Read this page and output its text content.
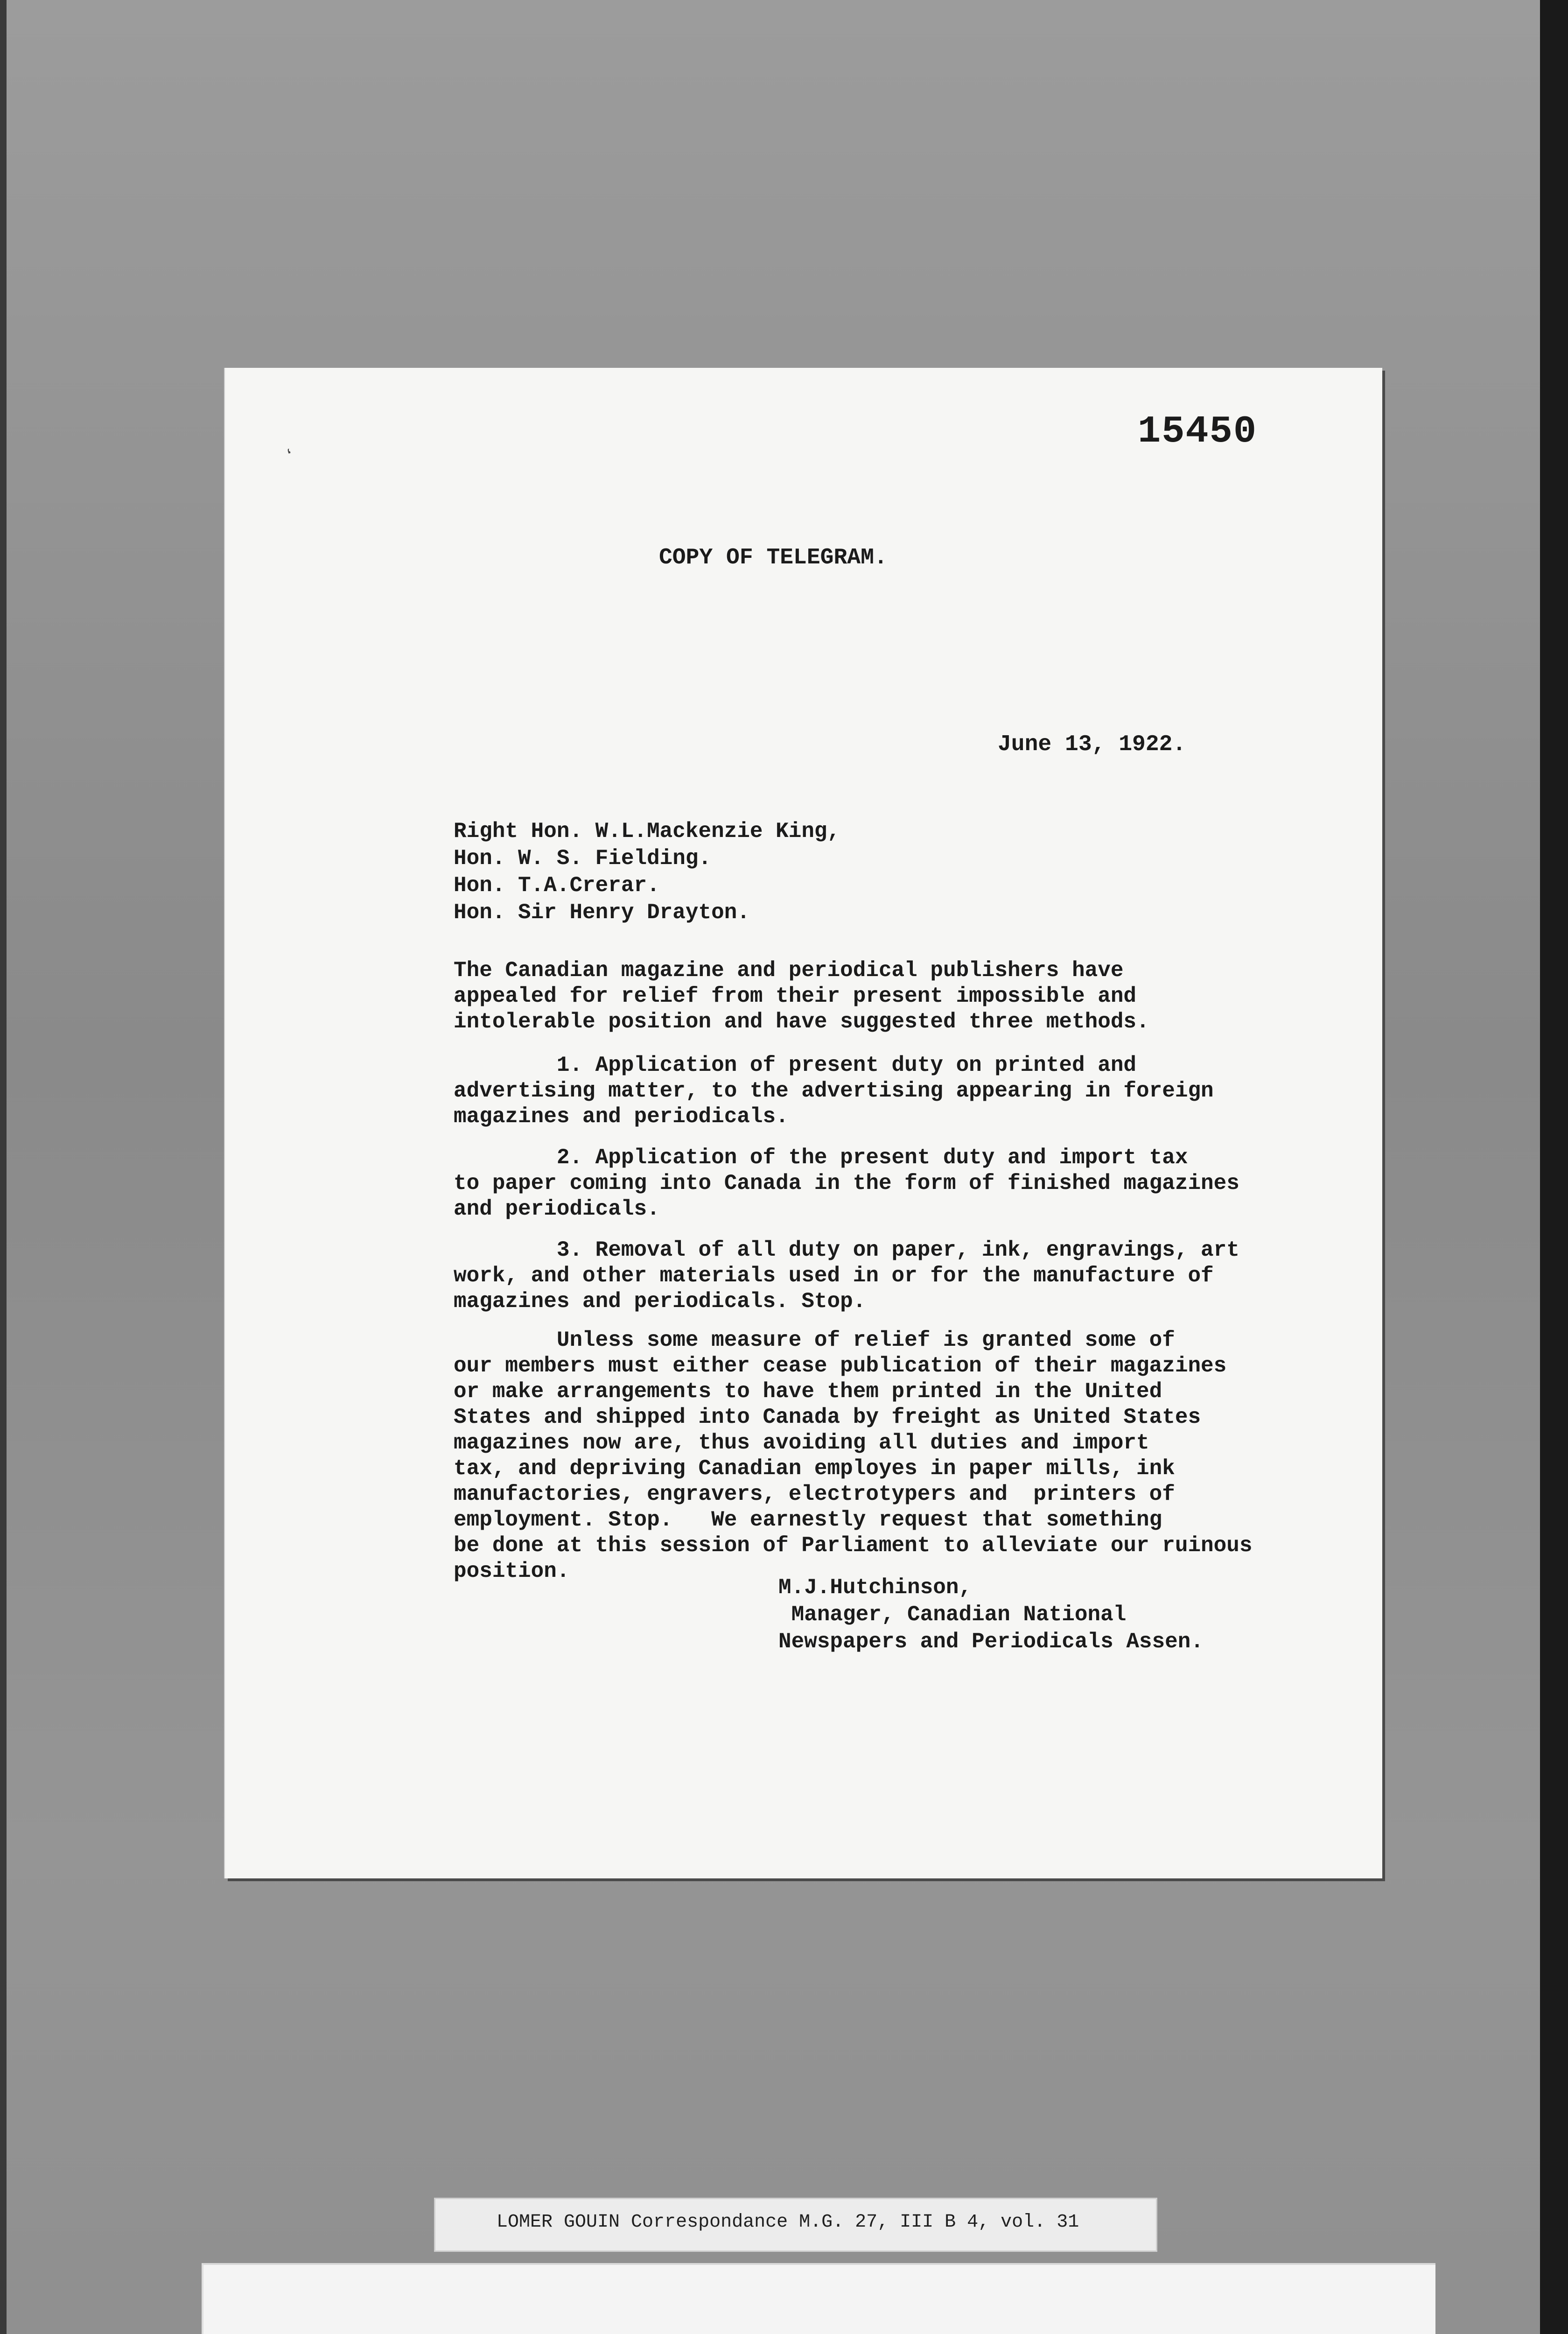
15450
‘
COPY OF TELEGRAM.
June 13, 1922.
Right Hon. W.L.Mackenzie King,
Hon. W. S. Fielding.
Hon. T.A.Crerar.
Hon. Sir Henry Drayton.
The Canadian magazine and periodical publishers have
appealed for relief from their present impossible and
intolerable position and have suggested three methods.
1. Application of present duty on printed and
advertising matter, to the advertising appearing in foreign
magazines and periodicals.
2. Application of the present duty and import tax
to paper coming into Canada in the form of finished magazines
and periodicals.
3. Removal of all duty on paper, ink, engravings, art
work, and other materials used in or for the manufacture of
magazines and periodicals. Stop.
Unless some measure of relief is granted some of
our members must either cease publication of their magazines
or make arrangements to have them printed in the United
States and shipped into Canada by freight as United States
magazines now are, thus avoiding all duties and import
tax, and depriving Canadian employes in paper mills, ink
manufactories, engravers, electrotypers and  printers of
employment. Stop.   We earnestly request that something
be done at this session of Parliament to alleviate our ruinous
position.
M.J.Hutchinson,
Manager, Canadian National
Newspapers and Periodicals Assen.
LOMER GOUIN Correspondance M.G. 27, III B 4, vol. 31
